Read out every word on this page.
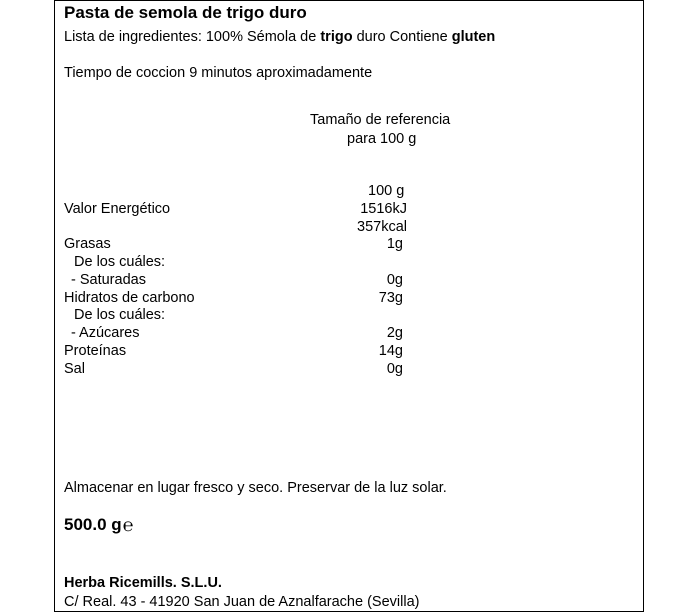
Pasta de semola de trigo duro
Lista de ingredientes: 100% Sémola de trigo duro Contiene gluten
Tiempo de coccion 9 minutos aproximadamente
Tamaño de referencia
para 100 g
100 g
Valor Energético	1516kJ
357kcal
Grasas	1g
De los cuáles:
- Saturadas	0g
Hidratos de carbono	73g
De los cuáles:
- Azúcares	2g
Proteínas	14g
Sal	0g
Almacenar en lugar fresco y seco. Preservar de la luz solar.
500.0 g℮
Herba Ricemills. S.L.U.
C/ Real. 43 - 41920 San Juan de Aznalfarache (Sevilla)
